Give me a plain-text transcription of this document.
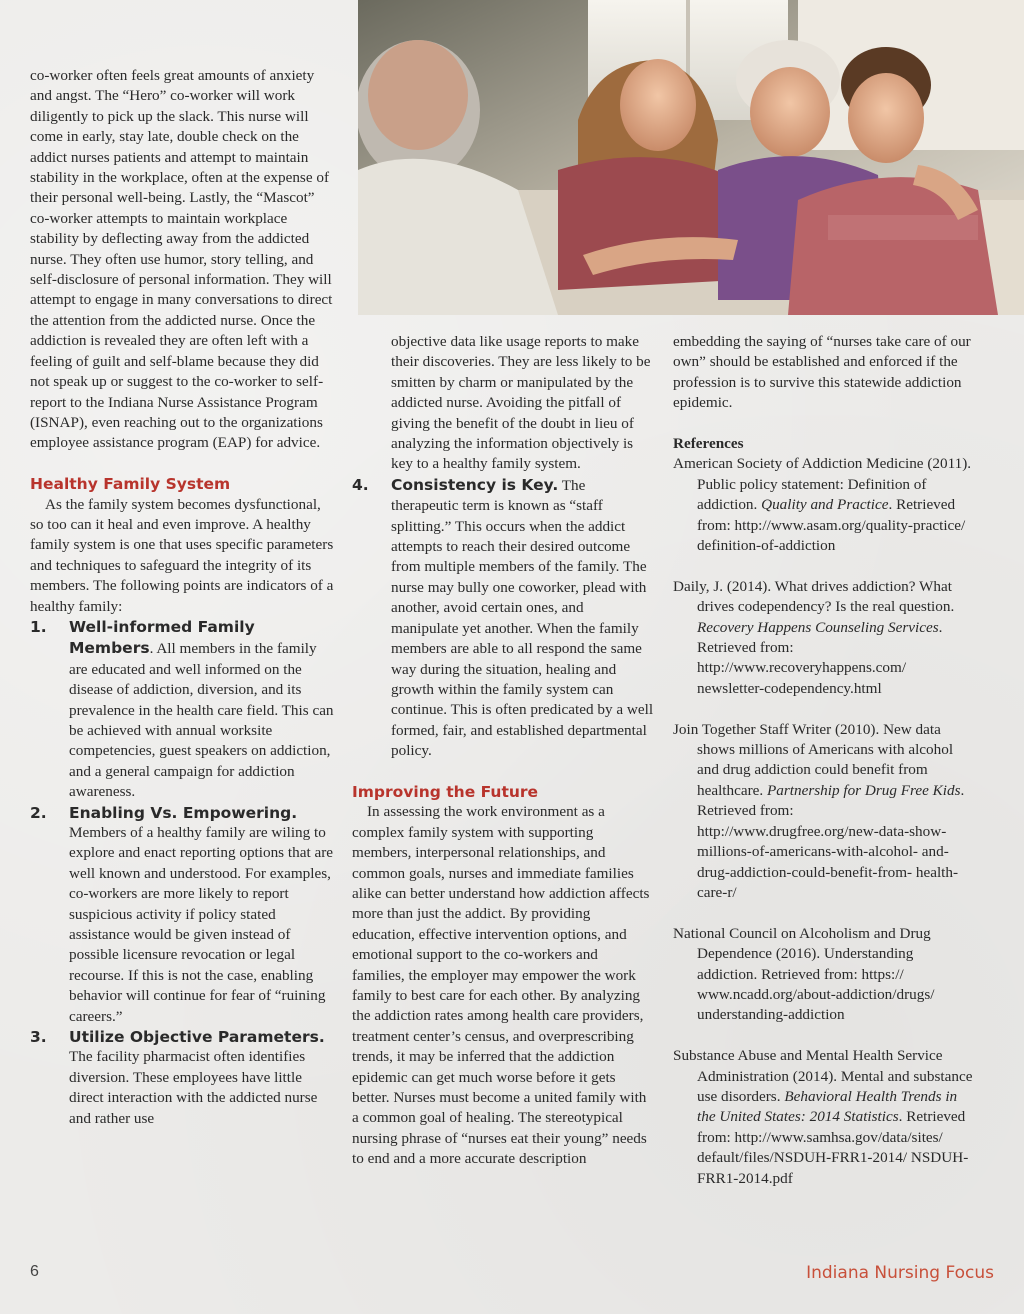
co-worker often feels great amounts of anxiety and angst. The “Hero” co-worker will work diligently to pick up the slack. This nurse will come in early, stay late, double check on the addict nurses patients and attempt to maintain stability in the workplace, often at the expense of their personal well-being. Lastly, the “Mascot” co-worker attempts to maintain workplace stability by deflecting away from the addicted nurse. They often use humor, story telling, and self-disclosure of personal information. They will attempt to engage in many conversations to direct the attention from the addicted nurse. Once the addiction is revealed they are often left with a feeling of guilt and self-blame because they did not speak up or suggest to the co-worker to self-report to the Indiana Nurse Assistance Program (ISNAP), even reaching out to the organizations employee assistance program (EAP) for advice.

Healthy Family System

As the family system becomes dysfunctional, so too can it heal and even improve. A healthy family system is one that uses specific parameters and techniques to safeguard the integrity of its members. The following points are indicators of a healthy family:

1.	Well-informed Family Members. All members in the family are educated and well informed on the disease of addiction, diversion, and its prevalence in the health care field. This can be achieved with annual worksite competencies, guest speakers on addiction, and a general campaign for addiction awareness.
2.	Enabling Vs. Empowering.
Members of a healthy family are wiling to explore and enact reporting options that are well known and understood. For examples, co-workers are more likely to report suspicious activity if policy stated assistance would be given instead of possible licensure revocation or legal recourse. If this is not the case, enabling behavior will continue for fear of “ruining careers.”
3.	Utilize Objective Parameters.
The facility pharmacist often identifies diversion. These employees have little direct interaction with the addicted nurse and rather use

objective data like usage reports to make their discoveries. They are less likely to be smitten by charm or manipulated by the addicted nurse. Avoiding the pitfall of giving the benefit of the doubt in lieu of analyzing the information objectively is key to a healthy family system.

4.	Consistency is Key. The therapeutic term is known as “staff splitting.” This occurs when the addict attempts to reach their desired outcome from multiple members of the family. The nurse may bully one coworker, plead with another, avoid certain ones, and manipulate yet another. When the family members are able to all respond the same way during the situation, healing and growth within the family system can continue. This is often predicated by a well formed, fair, and established departmental policy.

Improving the Future

In assessing the work environment as a complex family system with supporting members, interpersonal relationships, and common goals, nurses and immediate families alike can better understand how addiction affects more than just the addict. By providing education, effective intervention options, and emotional support to the co-workers and families, the employer may empower the work family to best care for each other. By analyzing the addiction rates among health care providers, treatment center’s census, and overprescribing trends, it may be inferred that the addiction epidemic can get much worse before it gets better. Nurses must become a united family with a common goal of healing. The stereotypical nursing phrase of “nurses eat their young” needs to end and a more accurate description

embedding the saying of “nurses take care of our own” should be established and enforced if the profession is to survive this statewide addiction epidemic.

References

American Society of Addiction Medicine (2011). Public policy statement: Definition of addiction. Quality and Practice. Retrieved from: http://www.asam.org/quality-practice/ definition-of-addiction

Daily, J. (2014). What drives addiction? What drives codependency? Is the real question. Recovery Happens Counseling Services. Retrieved from: http://www.recoveryhappens.com/ newsletter-codependency.html

Join Together Staff Writer (2010). New data shows millions of Americans with alcohol and drug addiction could benefit from healthcare. Partnership for Drug Free Kids. Retrieved from: http://www.drugfree.org/new-data-show- millions-of-americans-with-alcohol- and-drug-addiction-could-benefit-from- health-care-r/

National Council on Alcoholism and Drug Dependence (2016). Understanding addiction. Retrieved from: https:// www.ncadd.org/about-addiction/drugs/ understanding-addiction

Substance Abuse and Mental Health Service Administration (2014). Mental and substance use disorders. Behavioral Health Trends in the United States: 2014 Statistics. Retrieved from: http://www.samhsa.gov/data/sites/ default/files/NSDUH-FRR1-2014/ NSDUH-FRR1-2014.pdf

6	Indiana Nursing Focus
